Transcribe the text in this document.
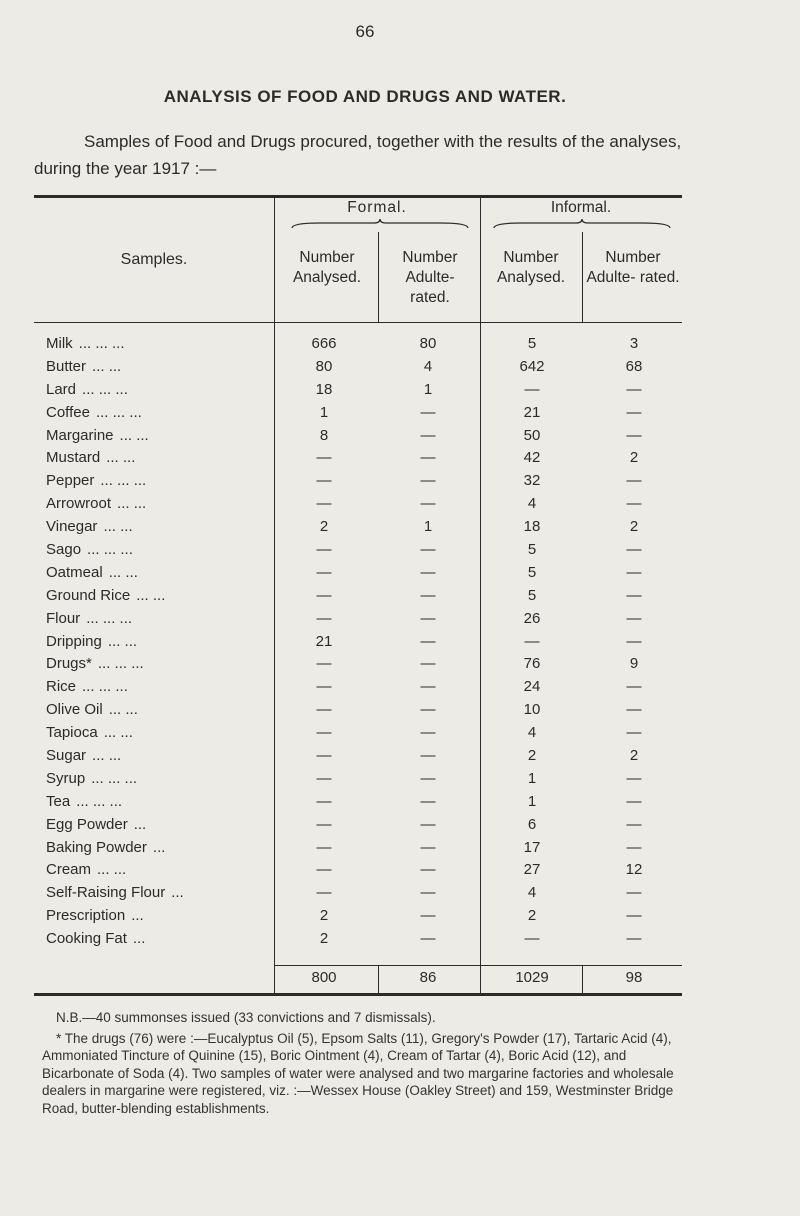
66
ANALYSIS OF FOOD AND DRUGS AND WATER.
Samples of Food and Drugs procured, together with the results of the analyses, during the year 1917 :—
Samples.
Formal.	Informal.
Number Analysed.
Number Adulte- rated.
Number Analysed.
Number Adulte- rated.
Milk ... ... ...	666	80	5	3
Butter ... ...	80	4	642	68
Lard ... ... ...	18	1	—	—
Coffee ... ... ...	1	—	21	—
Margarine ... ...	8	—	50	—
Mustard ... ...	—	—	42	2
Pepper ... ... ...	—	—	32	—
Arrowroot ... ...	—	—	4	—
Vinegar ... ...	2	1	18	2
Sago ... ... ...	—	—	5	—
Oatmeal ... ...	—	—	5	—
Ground Rice ... ...	—	—	5	—
Flour ... ... ...	—	—	26	—
Dripping ... ...	21	—	—	—
Drugs* ... ... ...	—	—	76	9
Rice ... ... ...	—	—	24	—
Olive Oil ... ...	—	—	10	—
Tapioca ... ...	—	—	4	—
Sugar ... ...	—	—	2	2
Syrup ... ... ...	—	—	1	—
Tea ... ... ...	—	—	1	—
Egg Powder ...	—	—	6	—
Baking Powder ...	—	—	17	—
Cream ... ...	—	—	27	12
Self-Raising Flour ...	—	—	4	—
Prescription ...	2	—	2	—
Cooking Fat ...	2	—	—	—
800	86	1029	98

N.B.—40 summonses issued (33 convictions and 7 dismissals).

* The drugs (76) were :—Eucalyptus Oil (5), Epsom Salts (11), Gregory's Powder (17), Tartaric Acid (4), Ammoniated Tincture of Quinine (15), Boric Ointment (4), Cream of Tartar (4), Boric Acid (12), and Bicarbonate of Soda (4). Two samples of water were analysed and two margarine factories and wholesale dealers in margarine were registered, viz. :—Wessex House (Oakley Street) and 159, Westminster Bridge Road, butter-blending establishments.
